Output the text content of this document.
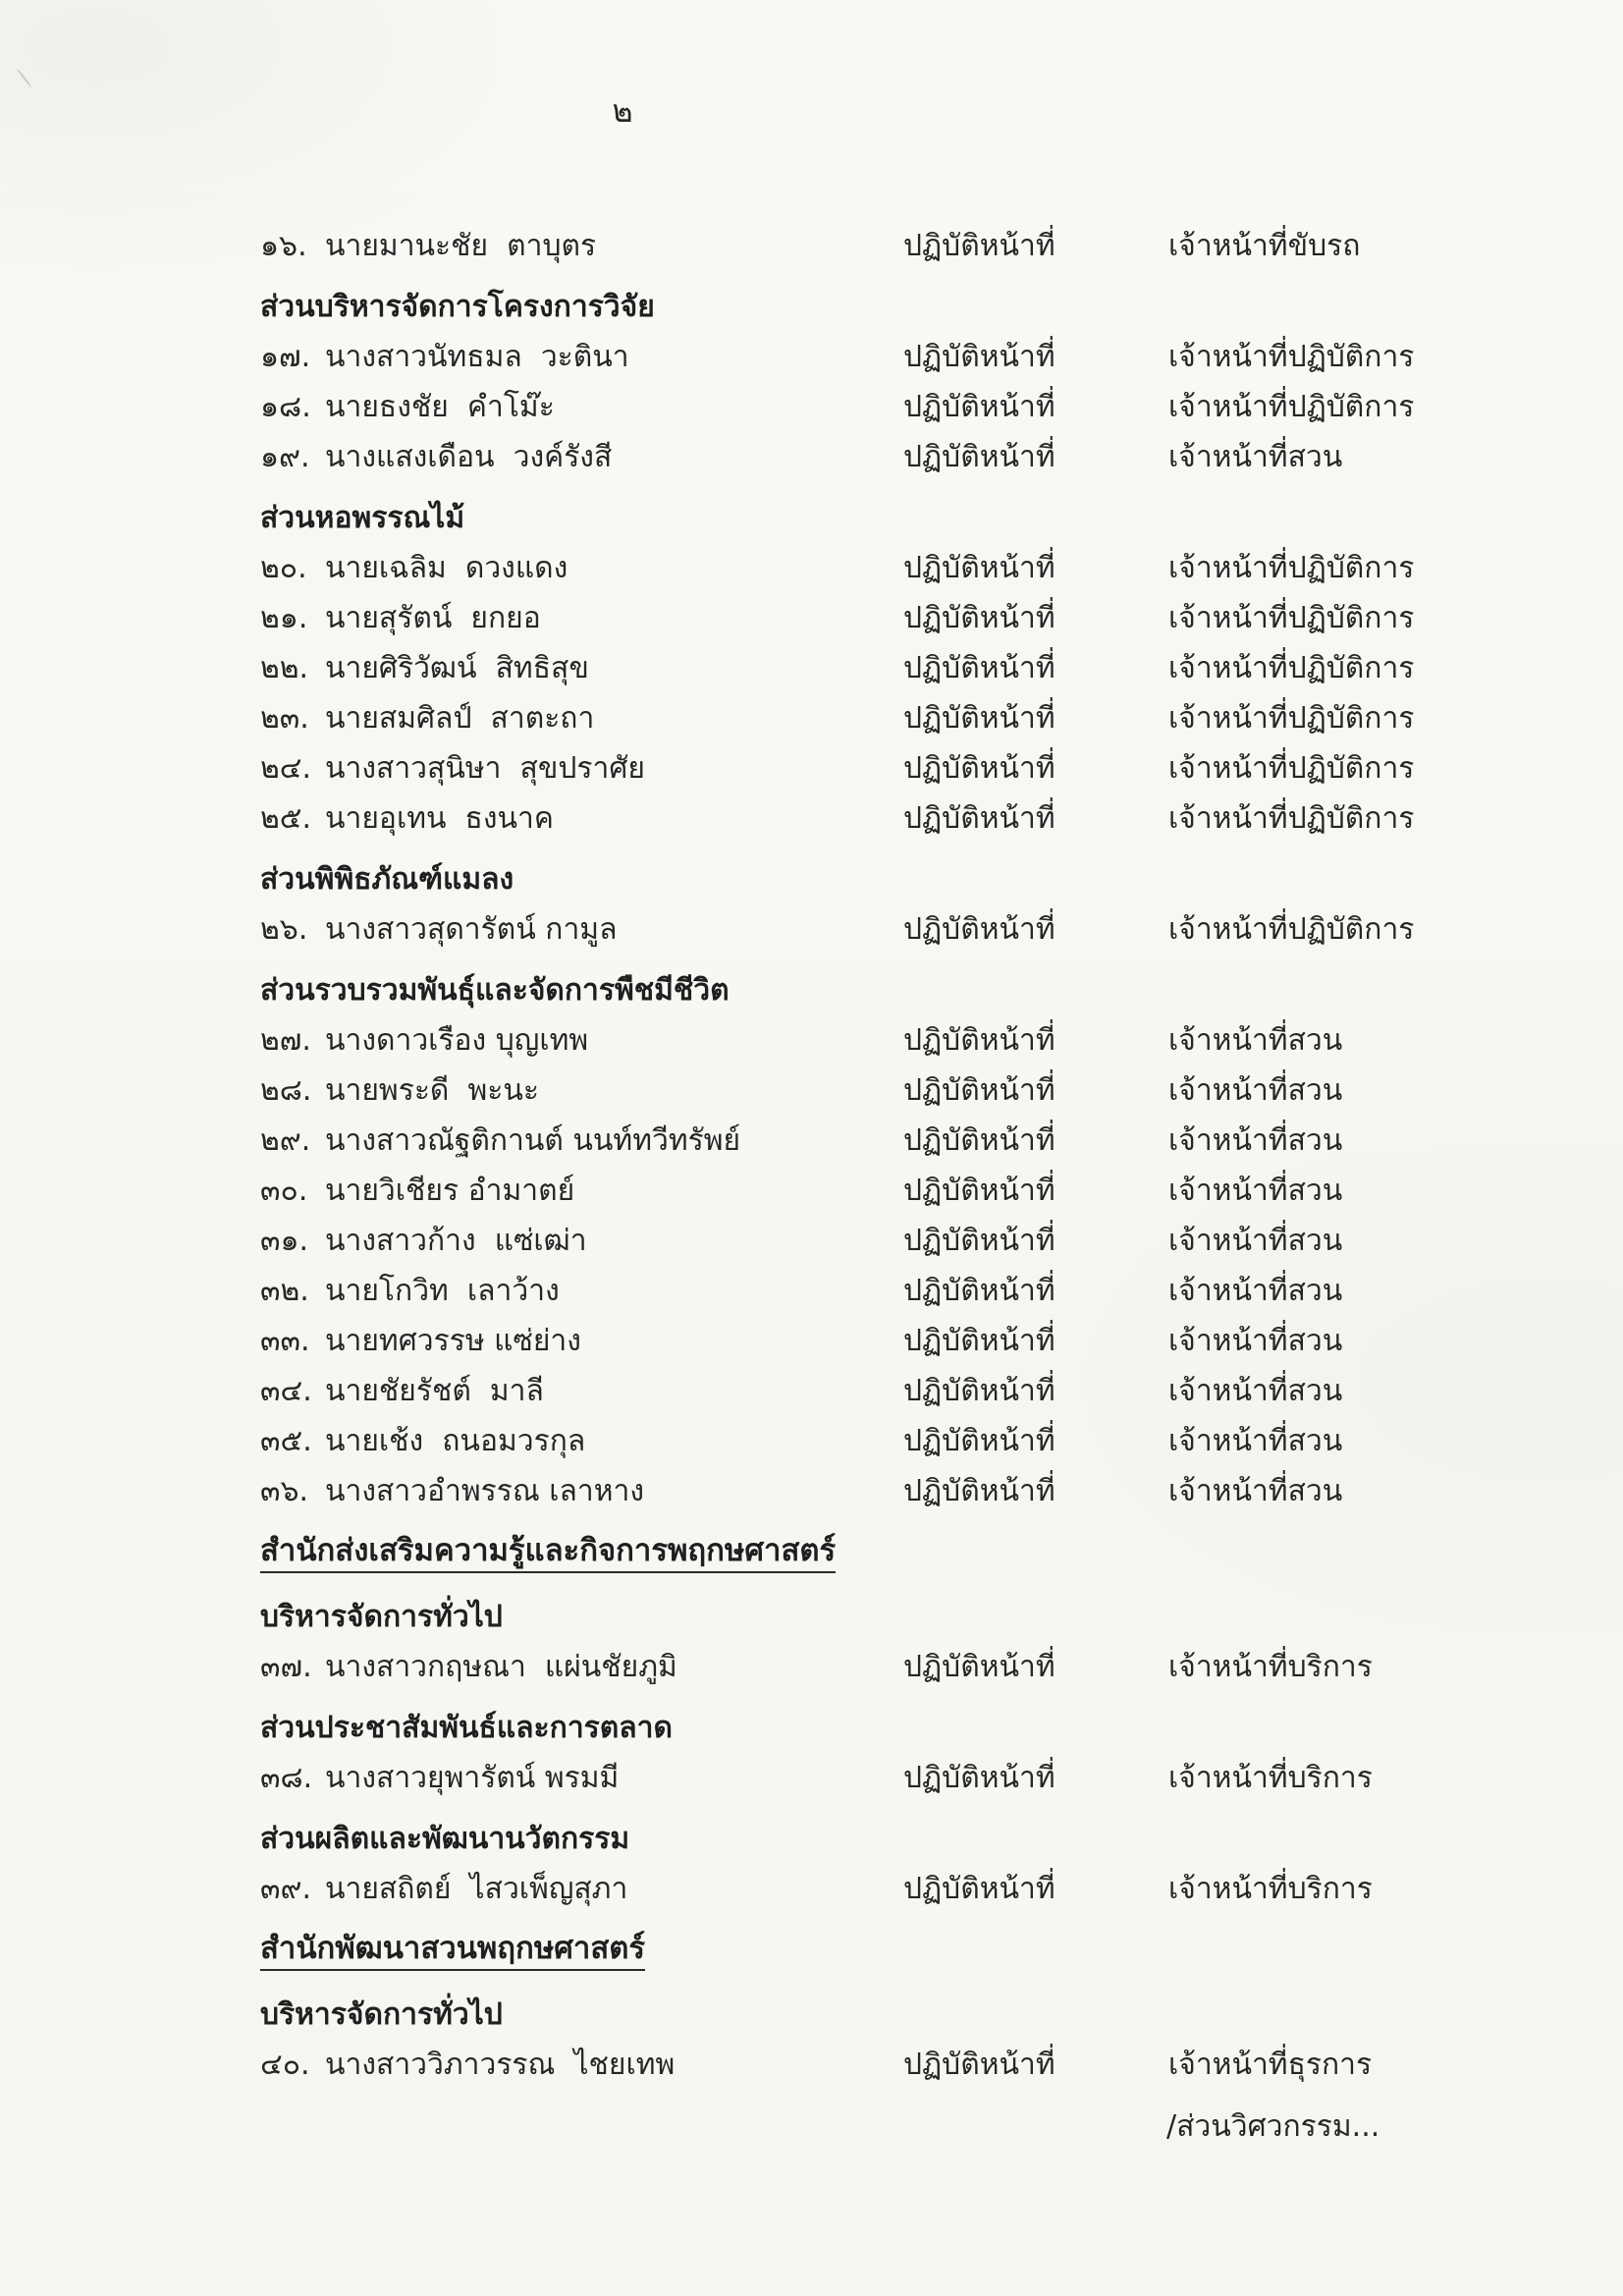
๒
๑๖. นายมานะชัย  ตาบุตร	ปฏิบัติหน้าที่	เจ้าหน้าที่ขับรถ
ส่วนบริหารจัดการโครงการวิจัย
๑๗. นางสาวนัทธมล  วะตินา	ปฏิบัติหน้าที่	เจ้าหน้าที่ปฏิบัติการ
๑๘. นายธงชัย  คำโม๊ะ	ปฏิบัติหน้าที่	เจ้าหน้าที่ปฏิบัติการ
๑๙. นางแสงเดือน  วงค์รังสี	ปฏิบัติหน้าที่	เจ้าหน้าที่สวน
ส่วนหอพรรณไม้
๒๐. นายเฉลิม  ดวงแดง	ปฏิบัติหน้าที่	เจ้าหน้าที่ปฏิบัติการ
๒๑. นายสุรัตน์  ยกยอ	ปฏิบัติหน้าที่	เจ้าหน้าที่ปฏิบัติการ
๒๒. นายศิริวัฒน์  สิทธิสุข	ปฏิบัติหน้าที่	เจ้าหน้าที่ปฏิบัติการ
๒๓. นายสมศิลป์  สาตะถา	ปฏิบัติหน้าที่	เจ้าหน้าที่ปฏิบัติการ
๒๔. นางสาวสุนิษา  สุขปราศัย	ปฏิบัติหน้าที่	เจ้าหน้าที่ปฏิบัติการ
๒๕. นายอุเทน  ธงนาค	ปฏิบัติหน้าที่	เจ้าหน้าที่ปฏิบัติการ
ส่วนพิพิธภัณฑ์แมลง
๒๖. นางสาวสุดารัตน์ กามูล	ปฏิบัติหน้าที่	เจ้าหน้าที่ปฏิบัติการ
ส่วนรวบรวมพันธุ์และจัดการพืชมีชีวิต
๒๗. นางดาวเรือง บุญเทพ	ปฏิบัติหน้าที่	เจ้าหน้าที่สวน
๒๘. นายพระดี  พะนะ	ปฏิบัติหน้าที่	เจ้าหน้าที่สวน
๒๙. นางสาวณัฐติกานต์ นนท์ทวีทรัพย์	ปฏิบัติหน้าที่	เจ้าหน้าที่สวน
๓๐. นายวิเชียร อำมาตย์	ปฏิบัติหน้าที่	เจ้าหน้าที่สวน
๓๑. นางสาวก้าง  แซ่เฒ่า	ปฏิบัติหน้าที่	เจ้าหน้าที่สวน
๓๒. นายโกวิท  เลาว้าง	ปฏิบัติหน้าที่	เจ้าหน้าที่สวน
๓๓. นายทศวรรษ แซ่ย่าง	ปฏิบัติหน้าที่	เจ้าหน้าที่สวน
๓๔. นายชัยรัชต์  มาลี	ปฏิบัติหน้าที่	เจ้าหน้าที่สวน
๓๕. นายเช้ง  ถนอมวรกุล	ปฏิบัติหน้าที่	เจ้าหน้าที่สวน
๓๖. นางสาวอำพรรณ เลาหาง	ปฏิบัติหน้าที่	เจ้าหน้าที่สวน
สำนักส่งเสริมความรู้และกิจการพฤกษศาสตร์
บริหารจัดการทั่วไป
๓๗. นางสาวกฤษณา  แผ่นชัยภูมิ	ปฏิบัติหน้าที่	เจ้าหน้าที่บริการ
ส่วนประชาสัมพันธ์และการตลาด
๓๘. นางสาวยุพารัตน์ พรมมี	ปฏิบัติหน้าที่	เจ้าหน้าที่บริการ
ส่วนผลิตและพัฒนานวัตกรรม
๓๙. นายสถิตย์  ไสวเพ็ญสุภา	ปฏิบัติหน้าที่	เจ้าหน้าที่บริการ
สำนักพัฒนาสวนพฤกษศาสตร์
บริหารจัดการทั่วไป
๔๐. นางสาววิภาวรรณ  ไชยเทพ	ปฏิบัติหน้าที่	เจ้าหน้าที่ธุรการ
/ส่วนวิศวกรรม...
